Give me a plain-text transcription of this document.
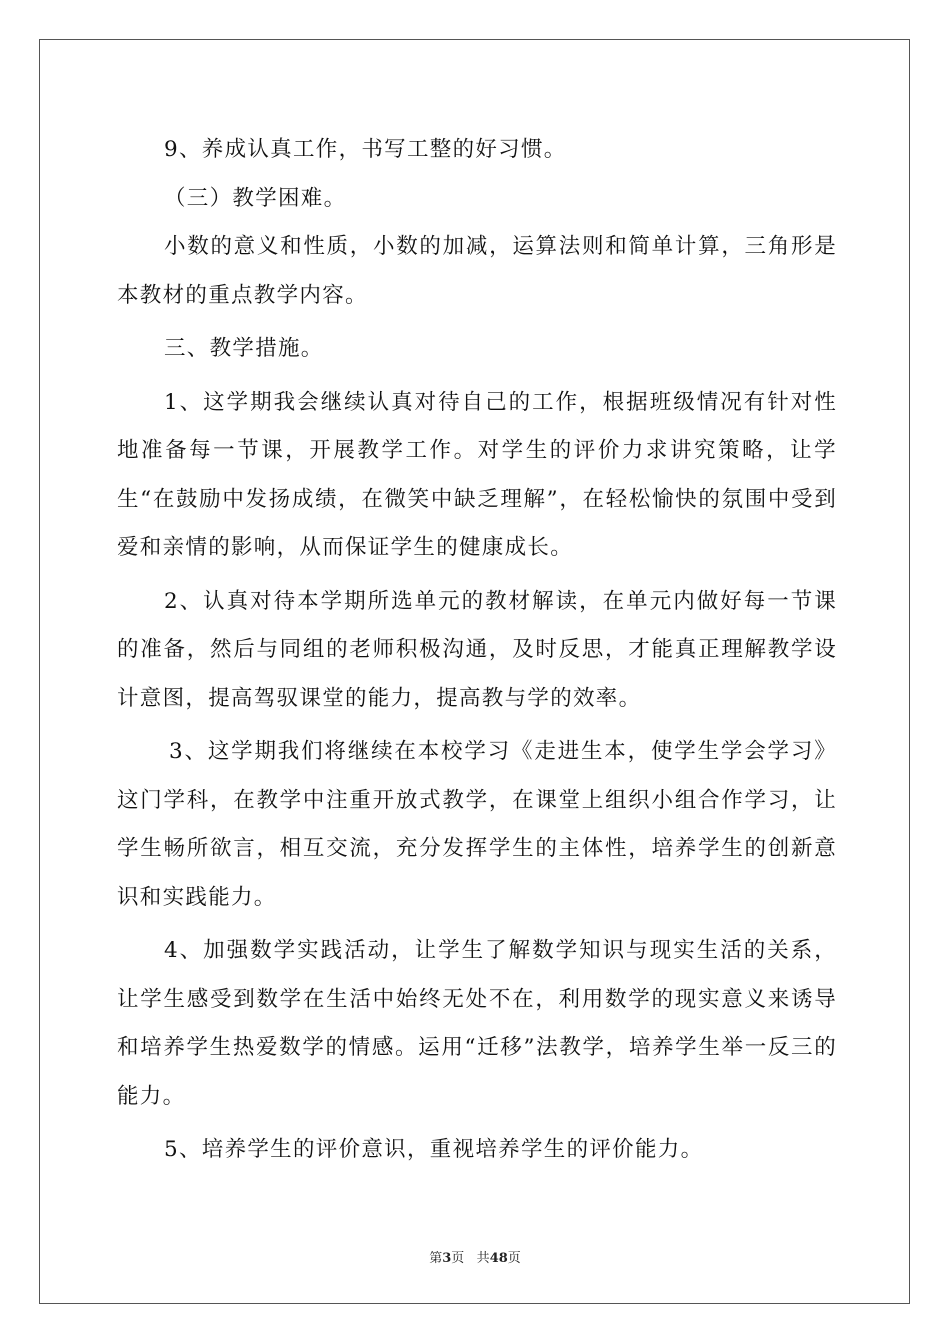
9、养成认真工作，书写工整的好习惯。

（三）教学困难。

小数的意义和性质，小数的加减，运算法则和简单计算，三角形是本教材的重点教学内容。

三、教学措施。

1、这学期我会继续认真对待自己的工作，根据班级情况有针对性地准备每一节课，开展教学工作。对学生的评价力求讲究策略，让学生“在鼓励中发扬成绩，在微笑中缺乏理解”，在轻松愉快的氛围中受到爱和亲情的影响，从而保证学生的健康成长。

2、认真对待本学期所选单元的教材解读，在单元内做好每一节课的准备，然后与同组的老师积极沟通，及时反思，才能真正理解教学设计意图，提高驾驭课堂的能力，提高教与学的效率。

3、这学期我们将继续在本校学习《走进生本，使学生学会学习》这门学科，在教学中注重开放式教学，在课堂上组织小组合作学习，让学生畅所欲言，相互交流，充分发挥学生的主体性，培养学生的创新意识和实践能力。

4、加强数学实践活动，让学生了解数学知识与现实生活的关系，让学生感受到数学在生活中始终无处不在，利用数学的现实意义来诱导和培养学生热爱数学的情感。运用“迁移”法教学，培养学生举一反三的能力。

5、培养学生的评价意识，重视培养学生的评价能力。

第3页 共48页
